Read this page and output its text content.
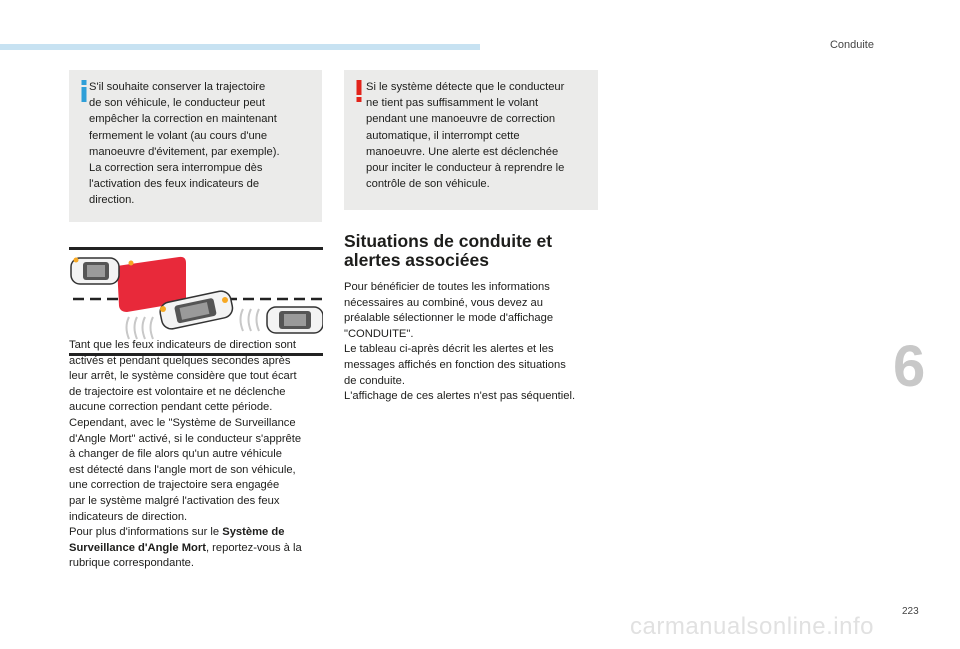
Conduite
S'il souhaite conserver la trajectoire
de son véhicule, le conducteur peut
empêcher la correction en maintenant
fermement le volant (au cours d'une
manoeuvre d'évitement, par exemple).
La correction sera interrompue dès
l'activation des feux indicateurs de
direction.
Si le système détecte que le conducteur
ne tient pas suffisamment le volant
pendant une manoeuvre de correction
automatique, il interrompt cette
manoeuvre. Une alerte est déclenchée
pour inciter le conducteur à reprendre le
contrôle de son véhicule.
Tant que les feux indicateurs de direction sont
activés et pendant quelques secondes après
leur arrêt, le système considère que tout écart
de trajectoire est volontaire et ne déclenche
aucune correction pendant cette période.
Cependant, avec le "Système de Surveillance
d'Angle Mort" activé, si le conducteur s'apprête
à changer de file alors qu'un autre véhicule
est détecté dans l'angle mort de son véhicule,
une correction de trajectoire sera engagée
par le système malgré l'activation des feux
indicateurs de direction.
Pour plus d'informations sur le Système de
Surveillance d'Angle Mort, reportez-vous à la
rubrique correspondante.
Situations de conduite et
alertes associées
Pour bénéficier de toutes les informations
nécessaires au combiné, vous devez au
préalable sélectionner le mode d'affichage
"CONDUITE".
Le tableau ci-après décrit les alertes et les
messages affichés en fonction des situations
de conduite.
L'affichage de ces alertes n'est pas séquentiel.	6
carmanualsonline.info
223
